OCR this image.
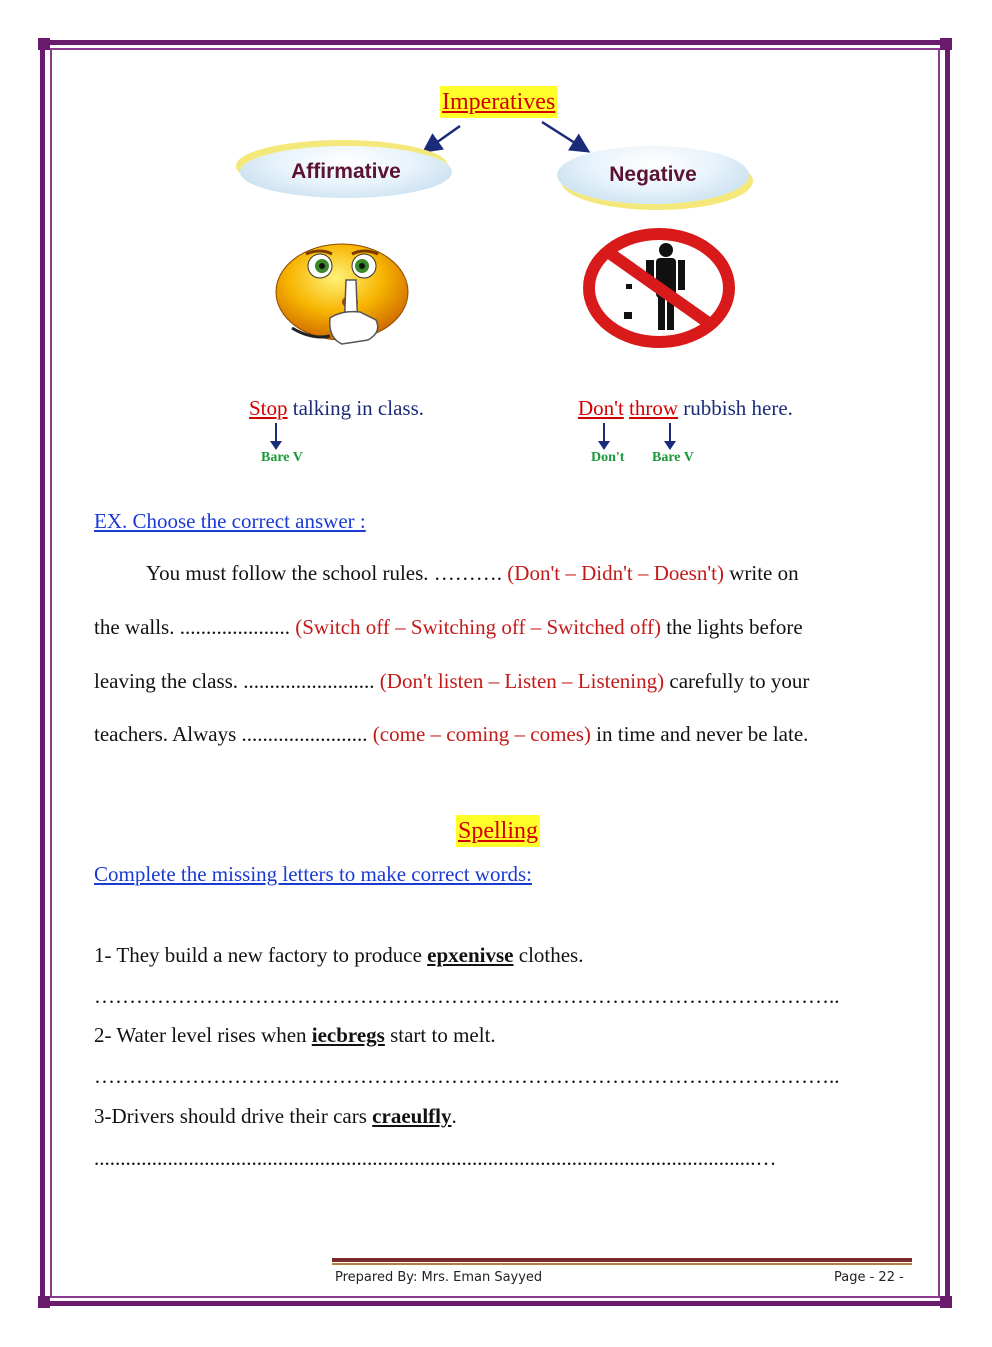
Imperatives
Affirmative	Negative
Stop talking in class.	Don't throw rubbish here.
Bare V	Don't Bare V
EX. Choose the correct answer :
You must follow the school rules. ………. (Don't – Didn't – Doesn't) write on
the walls. ..................... (Switch off – Switching off – Switched off) the lights before
leaving the class. ......................... (Don't listen – Listen – Listening) carefully to your
teachers. Always ........................ (come – coming – comes) in time and never be late.
Spelling
Complete the missing letters to make correct words:
1- They build a new factory to produce epxenivse clothes.
……………………………………………………………………………………………..
2- Water level rises when iecbregs start to melt.
……………………………………………………………………………………………..
3-Drivers should drive their cars craeulfly.
..............................................................................................................................…
Prepared By: Mrs. Eman Sayyed	Page - 22 -
